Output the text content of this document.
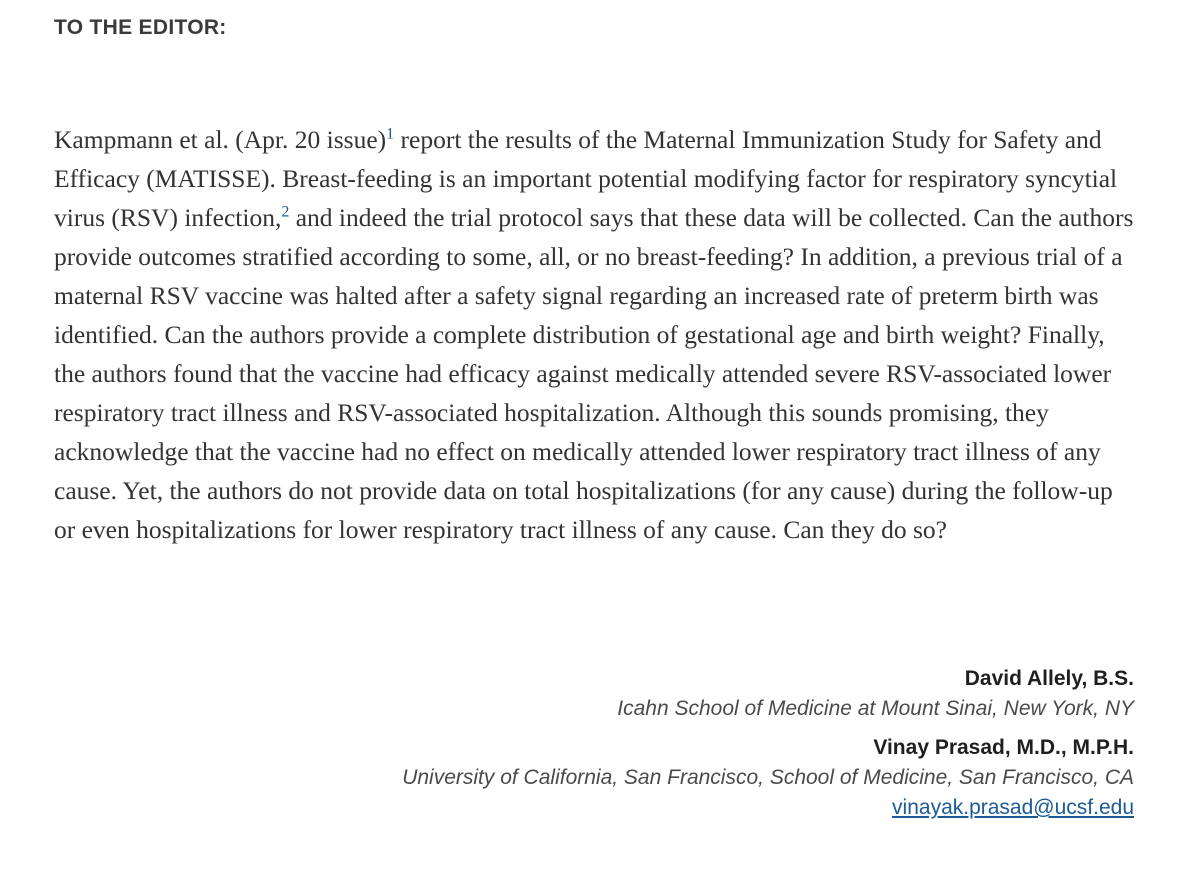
TO THE EDITOR:

Kampmann et al. (Apr. 20 issue)$^1$ report the results of the Maternal Immunization Study for Safety and Efficacy (MATISSE). Breast-feeding is an important potential modifying factor for respiratory syncytial virus (RSV) infection,$^2$ and indeed the trial protocol says that these data will be collected. Can the authors provide outcomes stratified according to some, all, or no breast-feeding? In addition, a previous trial of a maternal RSV vaccine was halted after a safety signal regarding an increased rate of preterm birth was identified. Can the authors provide a complete distribution of gestational age and birth weight? Finally, the authors found that the vaccine had efficacy against medically attended severe RSV-associated lower respiratory tract illness and RSV-associated hospitalization. Although this sounds promising, they acknowledge that the vaccine had no effect on medically attended lower respiratory tract illness of any cause. Yet, the authors do not provide data on total hospitalizations (for any cause) during the follow-up or even hospitalizations for lower respiratory tract illness of any cause. Can they do so?

David Allely, B.S.
Icahn School of Medicine at Mount Sinai, New York, NY
Vinay Prasad, M.D., M.P.H.
University of California, San Francisco, School of Medicine, San Francisco, CA
vinayak.prasad@ucsf.edu
